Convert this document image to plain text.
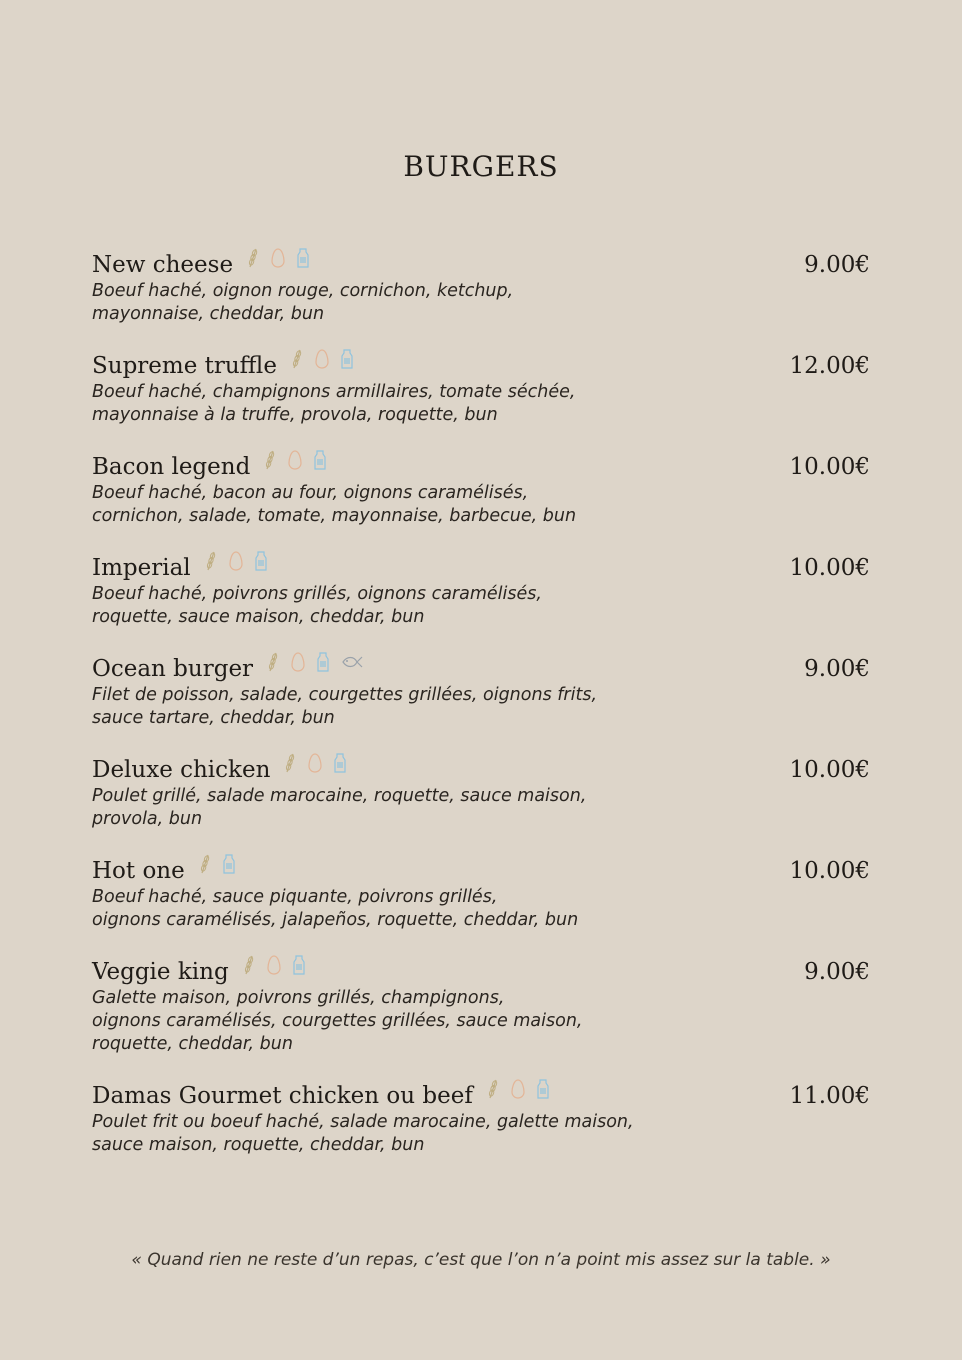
BURGERS
New cheese	9.00€

Boeuf haché, oignon rouge, cornichon, ketchup,
mayonnaise, cheddar, bun

Supreme truffle	12.00€

Boeuf haché, champignons armillaires, tomate séchée,
mayonnaise à la truffe, provola, roquette, bun

Bacon legend	10.00€

Boeuf haché, bacon au four, oignons caramélisés,
cornichon, salade, tomate, mayonnaise, barbecue, bun

Imperial	10.00€

Boeuf haché, poivrons grillés, oignons caramélisés,
roquette, sauce maison, cheddar, bun

Ocean burger	9.00€

Filet de poisson, salade, courgettes grillées, oignons frits,
sauce tartare, cheddar, bun

Deluxe chicken	10.00€

Poulet grillé, salade marocaine, roquette, sauce maison,
provola, bun

Hot one	10.00€

Boeuf haché, sauce piquante, poivrons grillés,
oignons caramélisés, jalapeños, roquette, cheddar, bun

Veggie king	9.00€

Galette maison, poivrons grillés, champignons,
oignons caramélisés, courgettes grillées, sauce maison,
roquette, cheddar, bun

Damas Gourmet chicken ou beef	11.00€

Poulet frit ou boeuf haché, salade marocaine, galette maison,
sauce maison, roquette, cheddar, bun

« Quand rien ne reste d’un repas, c’est que l’on n’a point mis assez sur la table. »
